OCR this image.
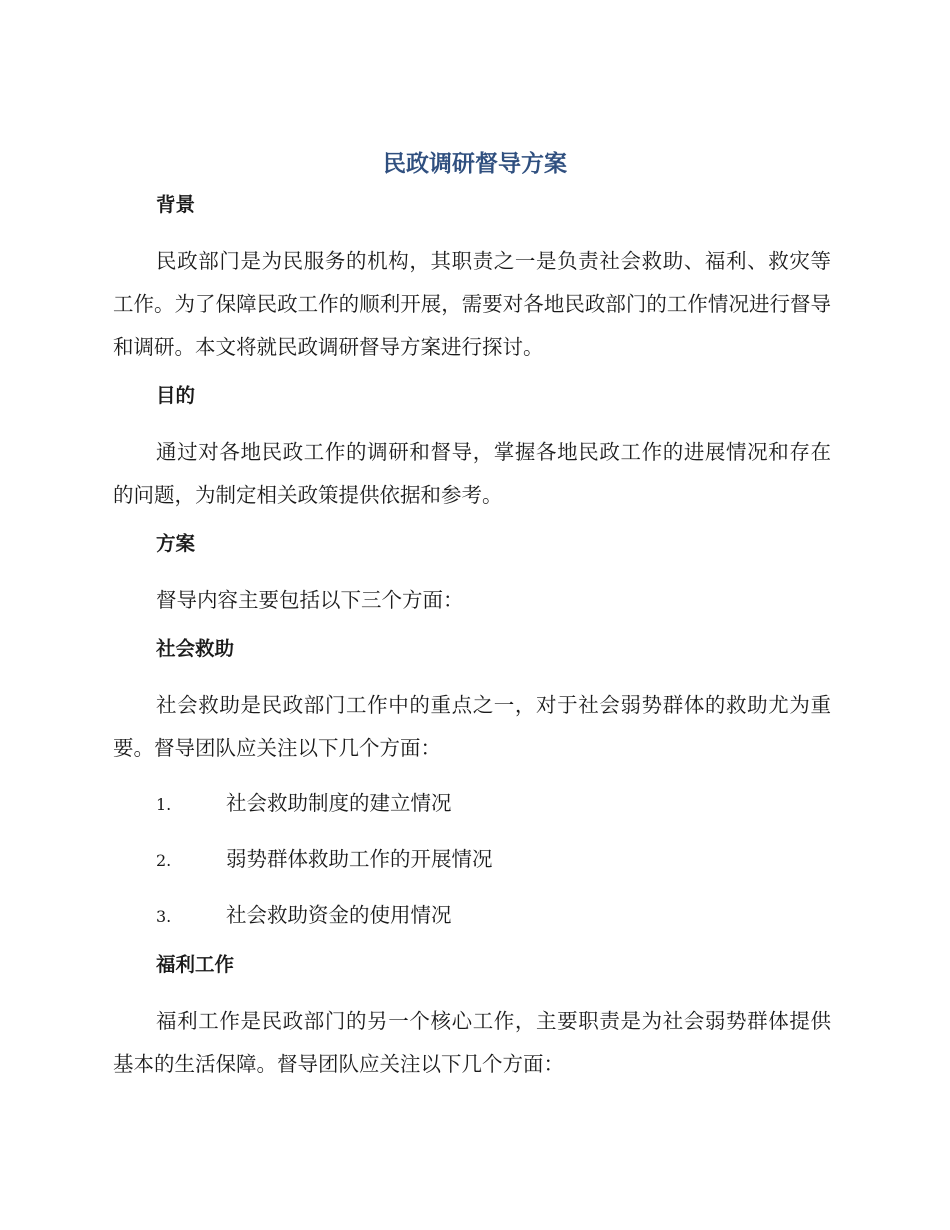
民政调研督导方案
背景

民政部门是为民服务的机构，其职责之一是负责社会救助、福利、救灾等工作。为了保障民政工作的顺利开展，需要对各地民政部门的工作情况进行督导和调研。本文将就民政调研督导方案进行探讨。

目的

通过对各地民政工作的调研和督导，掌握各地民政工作的进展情况和存在的问题，为制定相关政策提供依据和参考。

方案

督导内容主要包括以下三个方面：

社会救助

社会救助是民政部门工作中的重点之一，对于社会弱势群体的救助尤为重要。督导团队应关注以下几个方面：

1.	社会救助制度的建立情况
2.	弱势群体救助工作的开展情况
3.	社会救助资金的使用情况
福利工作

福利工作是民政部门的另一个核心工作，主要职责是为社会弱势群体提供基本的生活保障。督导团队应关注以下几个方面：
